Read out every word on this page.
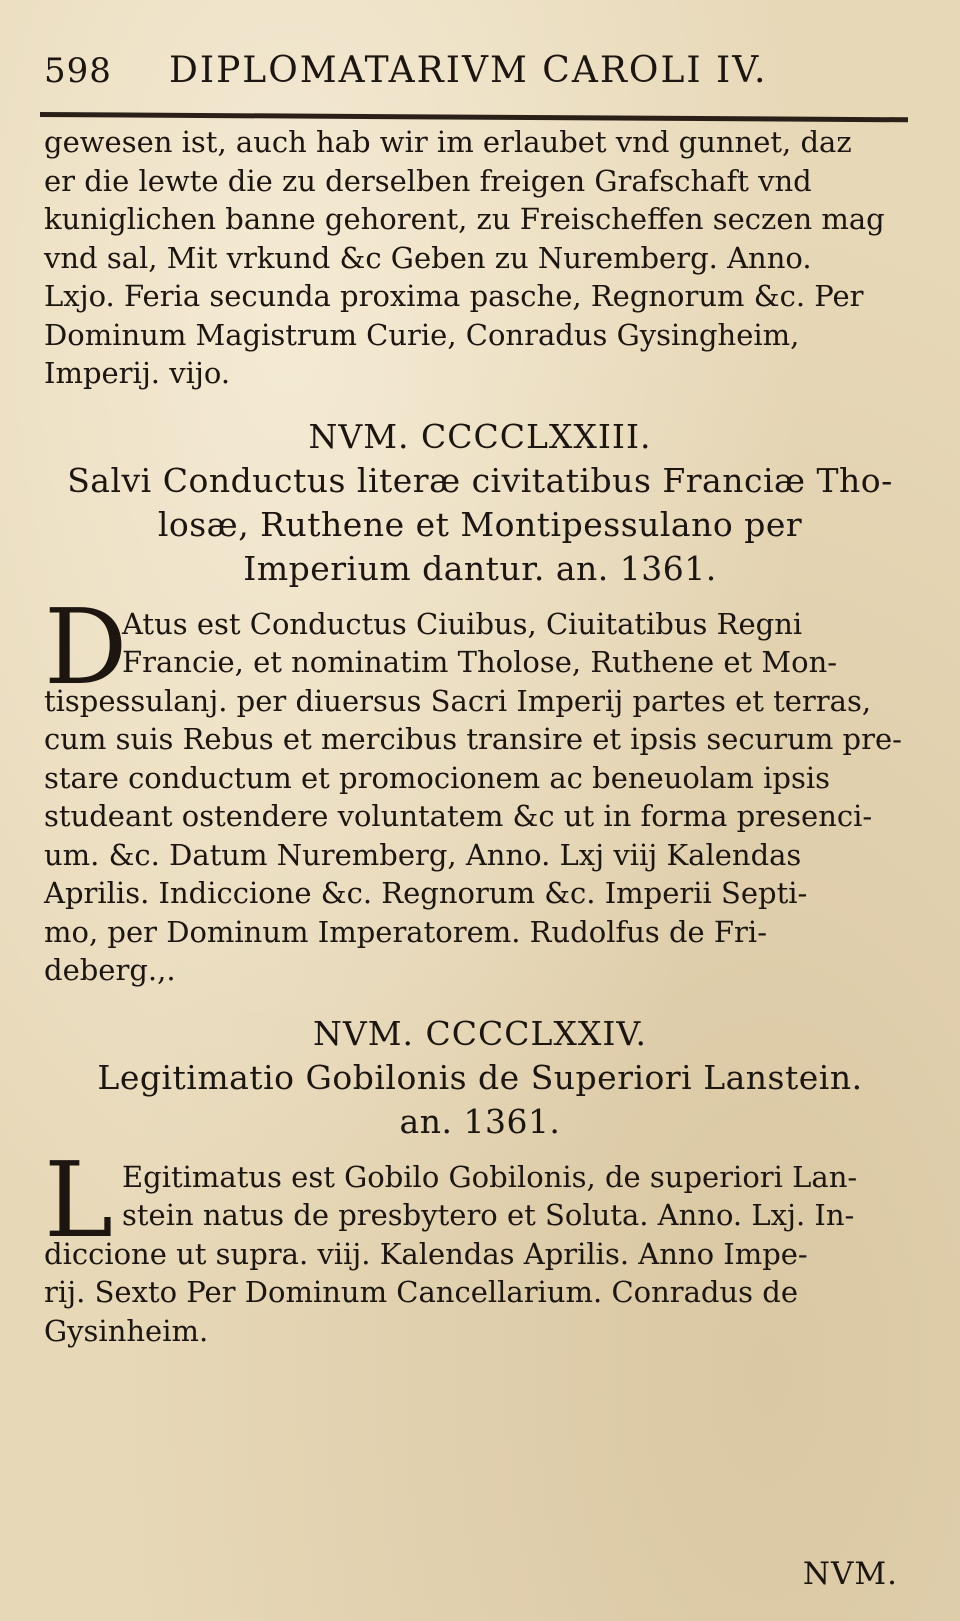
598	DIPLOMATARIVM CAROLI IV.

gewesen ist, auch hab wir im erlaubet vnd gunnet, daz

er die lewte die zu derselben freigen Grafschaft vnd

kuniglichen banne gehorent, zu Freischeffen seczen mag

vnd sal, Mit vrkund &c Geben zu Nuremberg. Anno.

Lxjo. Feria secunda proxima pasche, Regnorum &c. Per

Dominum Magistrum Curie, Conradus Gysingheim,

Imperij. vijo.

NVM. CCCCLXXIII.

Salvi Conductus literæ civitatibus Franciæ Tho-

losæ, Ruthene et Montipessulano per

Imperium dantur. an. 1361.

D

Atus est Conductus Ciuibus, Ciuitatibus Regni

Francie, et nominatim Tholose, Ruthene et Mon-

tispessulanj. per diuersus Sacri Imperij partes et terras,

cum suis Rebus et mercibus transire et ipsis securum pre-

stare conductum et promocionem ac beneuolam ipsis

studeant ostendere voluntatem &c ut in forma presenci-

um. &c. Datum Nuremberg, Anno. Lxj viij Kalendas

Aprilis. Indiccione &c. Regnorum &c. Imperii Septi-

mo, per Dominum Imperatorem. Rudolfus de Fri-

deberg.,.

NVM. CCCCLXXIV.

Legitimatio Gobilonis de Superiori Lanstein.

an. 1361.

L Egitimatus est Gobilo Gobilonis, de superiori Lan-

stein natus de presbytero et Soluta. Anno. Lxj. In-

diccione ut supra. viij. Kalendas Aprilis. Anno Impe-

rij. Sexto Per Dominum Cancellarium. Conradus de

Gysinheim.

NVM.
